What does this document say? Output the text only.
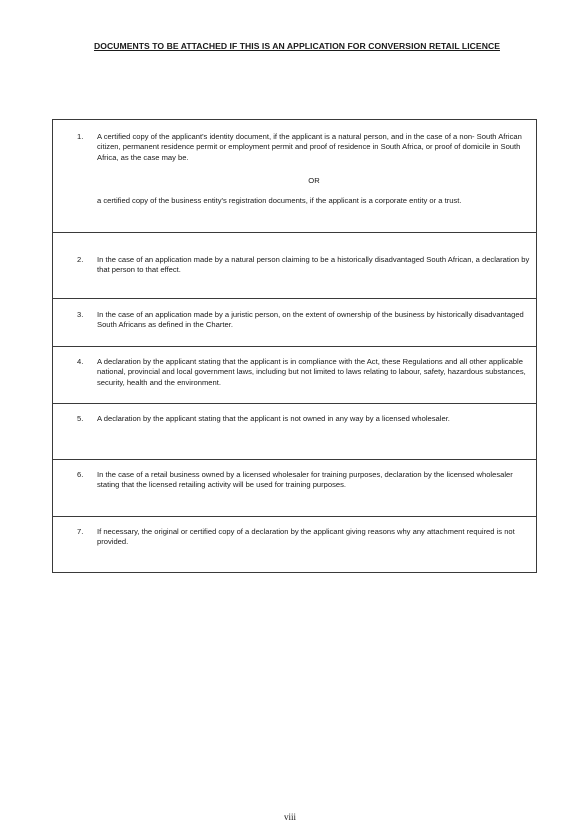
DOCUMENTS TO BE ATTACHED IF THIS IS AN APPLICATION FOR CONVERSION RETAIL LICENCE
1. A certified copy of the applicant's identity document, if the applicant is a natural person, and in the case of a non- South African citizen, permanent residence permit or employment permit and proof of residence in South Africa, or proof of domicile in South Africa, as the case may be.
OR
a certified copy of the business entity's registration documents, if the applicant is a corporate entity or a trust.
2. In the case of an application made by a natural person claiming to be a historically disadvantaged South African, a declaration by that person to that effect.
3. In the case of an application made by a juristic person, on the extent of ownership of the business by historically disadvantaged South Africans as defined in the Charter.
4. A declaration by the applicant stating that the applicant is in compliance with the Act, these Regulations and all other applicable national, provincial and local government laws, including but not limited to laws relating to labour, safety, hazardous substances, security, health and the environment.
5. A declaration by the applicant stating that the applicant is not owned in any way by a licensed wholesaler.
6. In the case of a retail business owned by a licensed wholesaler for training purposes, declaration by the licensed wholesaler stating that the licensed retailing activity will be used for training purposes.
7. If necessary, the original or certified copy of a declaration by the applicant giving reasons why any attachment required is not provided.
viii
